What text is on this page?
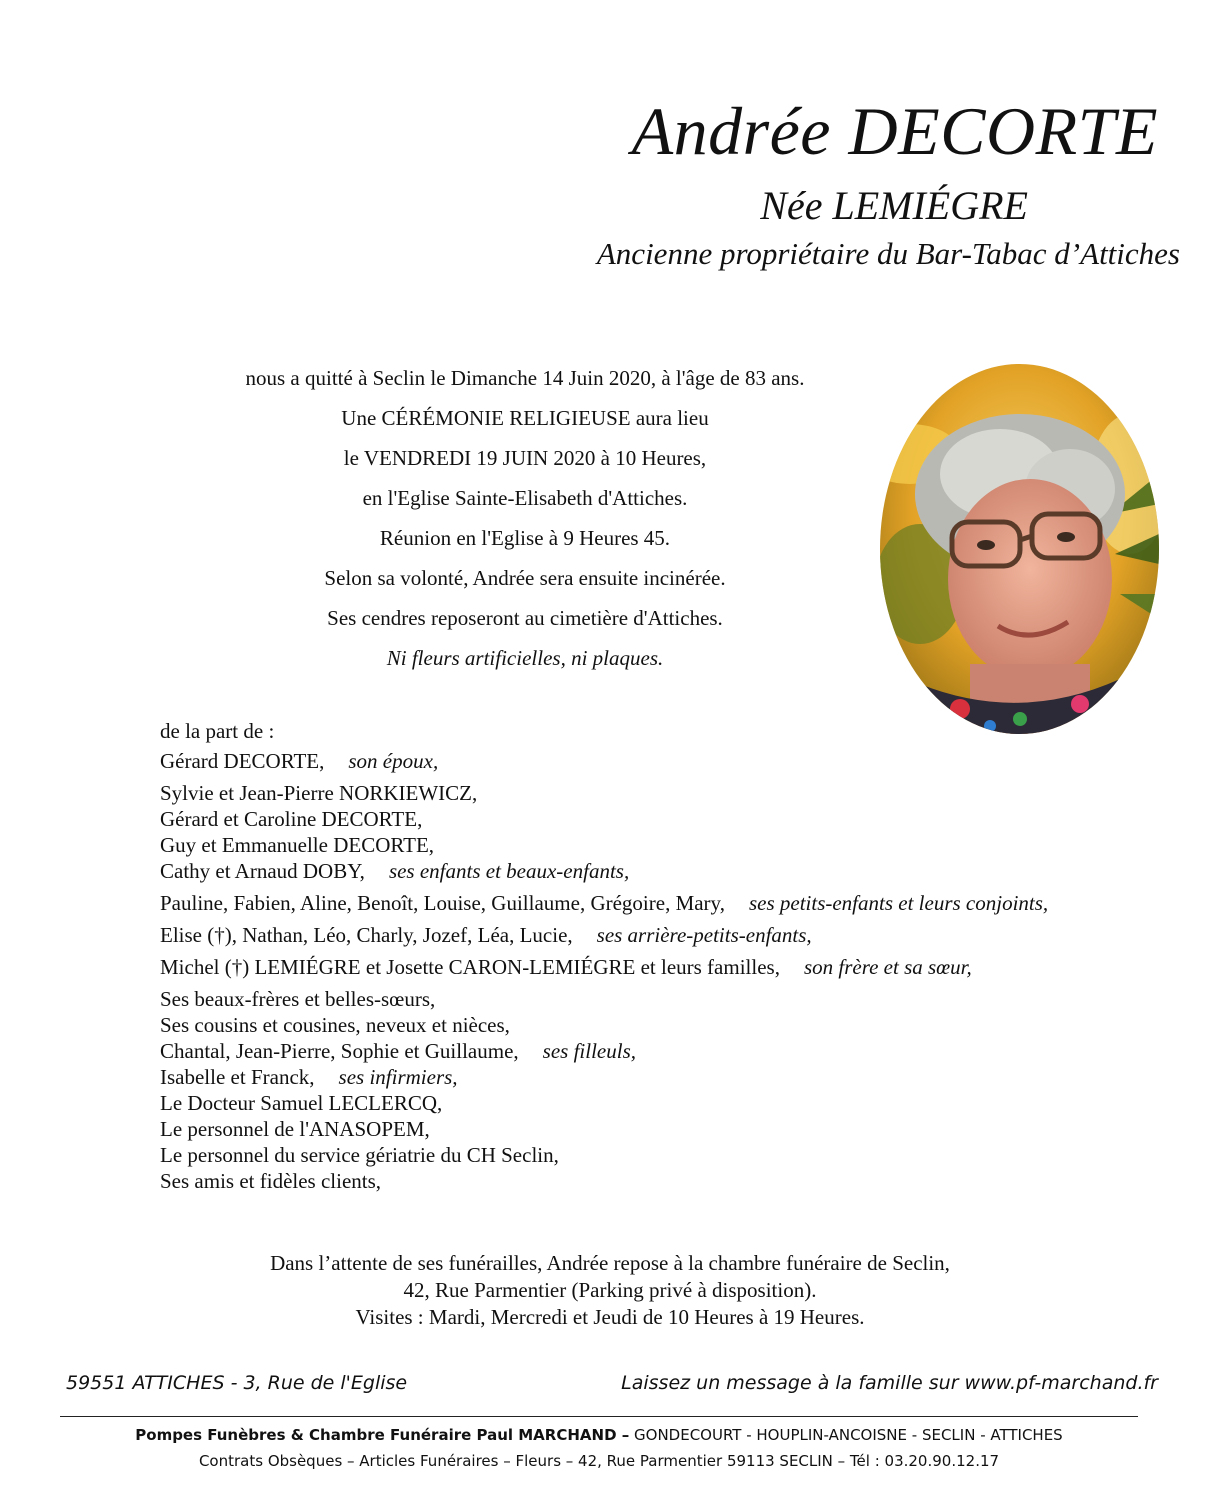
Andrée DECORTE
Née LEMIÉGRE
Ancienne propriétaire du Bar-Tabac d’Attiches
nous a quitté à Seclin le Dimanche 14 Juin 2020, à l'âge de 83 ans.
Une CÉRÉMONIE RELIGIEUSE aura lieu
le VENDREDI 19 JUIN 2020 à 10 Heures,
en l'Eglise Sainte-Elisabeth d'Attiches.
Réunion en l'Eglise à 9 Heures 45.
Selon sa volonté, Andrée sera ensuite incinérée.
Ses cendres reposeront au cimetière d'Attiches.
Ni fleurs artificielles, ni plaques.
de la part de :
Gérard DECORTE, son époux,
Sylvie et Jean-Pierre NORKIEWICZ,
Gérard et Caroline DECORTE,
Guy et Emmanuelle DECORTE,
Cathy et Arnaud DOBY, ses enfants et beaux-enfants,
Pauline, Fabien, Aline, Benoît, Louise, Guillaume, Grégoire, Mary, ses petits-enfants et leurs conjoints,
Elise (†), Nathan, Léo, Charly, Jozef, Léa, Lucie, ses arrière-petits-enfants,
Michel (†) LEMIÉGRE et Josette CARON-LEMIÉGRE et leurs familles, son frère et sa sœur,
Ses beaux-frères et belles-sœurs,
Ses cousins et cousines, neveux et nièces,
Chantal, Jean-Pierre, Sophie et Guillaume, ses filleuls,
Isabelle et Franck, ses infirmiers,
Le Docteur Samuel LECLERCQ,
Le personnel de l'ANASOPEM,
Le personnel du service gériatrie du CH Seclin,
Ses amis et fidèles clients,
Dans l’attente de ses funérailles, Andrée repose à la chambre funéraire de Seclin,
42, Rue Parmentier (Parking privé à disposition).
Visites : Mardi, Mercredi et Jeudi de 10 Heures à 19 Heures.
59551 ATTICHES - 3, Rue de l'Eglise	Laissez un message à la famille sur www.pf-marchand.fr
Pompes Funèbres & Chambre Funéraire Paul MARCHAND – GONDECOURT - HOUPLIN-ANCOISNE - SECLIN - ATTICHES
Contrats Obsèques – Articles Funéraires – Fleurs – 42, Rue Parmentier 59113 SECLIN – Tél : 03.20.90.12.17
